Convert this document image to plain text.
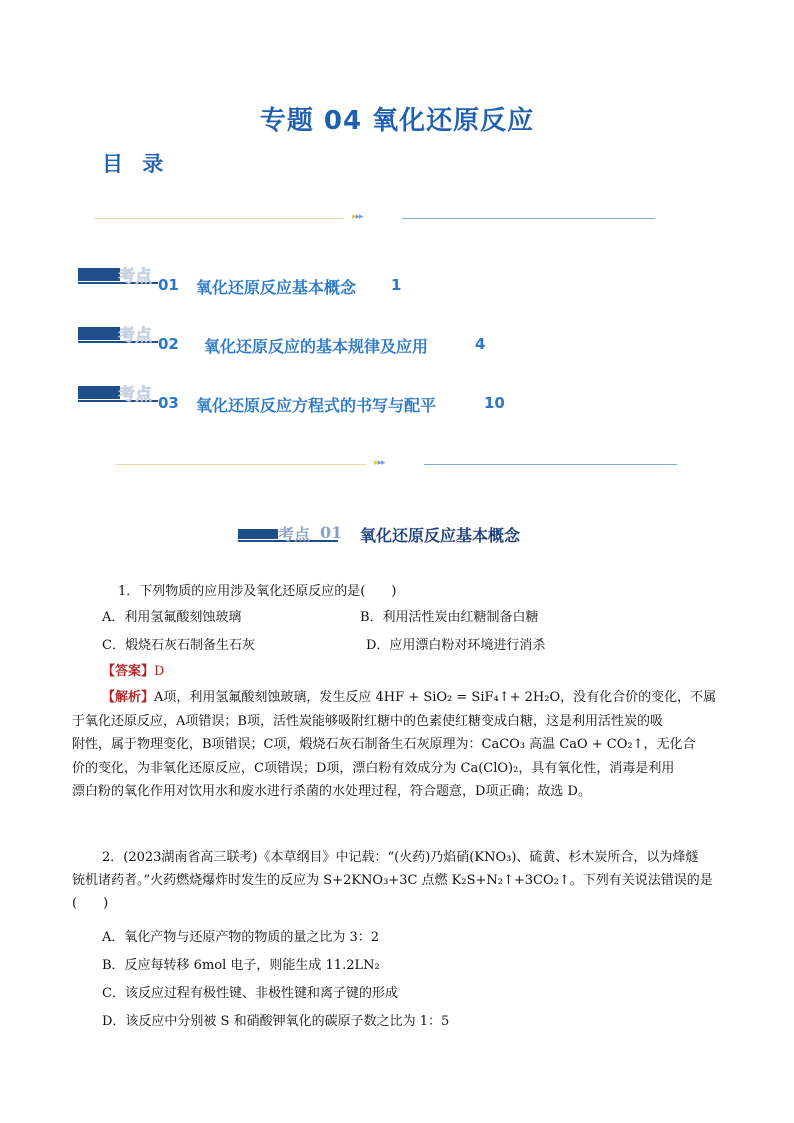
专题 04 氧化还原反应
目 录
▸▸▸
考点 01 氧化还原反应基本概念 1
考点 02 氧化还原反应的基本规律及应用	4
考点 03 氧化还原反应方程式的书写与配平	10
▸▸▸
考点 01 氧化还原反应基本概念
1．下列物质的应用涉及氧化还原反应的是(　　)
A．利用氢氟酸刻蚀玻璃	B．利用活性炭由红糖制备白糖
C．煅烧石灰石制备生石灰	D．应用漂白粉对环境进行消杀
【答案】D
【解析】A项，利用氢氟酸刻蚀玻璃，发生反应 4HF + SiO₂ = SiF₄↑+ 2H₂O，没有化合价的变化，不属
于氧化还原反应，A项错误；B项，活性炭能够吸附红糖中的色素使红糖变成白糖，这是利用活性炭的吸
附性，属于物理变化，B项错误；C项，煅烧石灰石制备生石灰原理为：CaCO₃ 高温 CaO + CO₂↑，无化合
价的变化，为非氧化还原反应，C项错误；D项，漂白粉有效成分为 Ca(ClO)₂，具有氧化性，消毒是利用
漂白粉的氧化作用对饮用水和废水进行杀菌的水处理过程，符合题意，D项正确；故选 D。
2．(2023湖南省高三联考)《本草纲目》中记载：“(火药)乃焰硝(KNO₃)、硫黄、杉木炭所合，以为烽燧
铳机诸药者。”火药燃烧爆炸时发生的反应为 S+2KNO₃+3C 点燃 K₂S+N₂↑+3CO₂↑。下列有关说法错误的是
(　　)
A．氧化产物与还原产物的物质的量之比为 3：2
B．反应每转移 6mol 电子，则能生成 11.2LN₂
C．该反应过程有极性键、非极性键和离子键的形成
D．该反应中分别被 S 和硝酸钾氧化的碳原子数之比为 1：5
